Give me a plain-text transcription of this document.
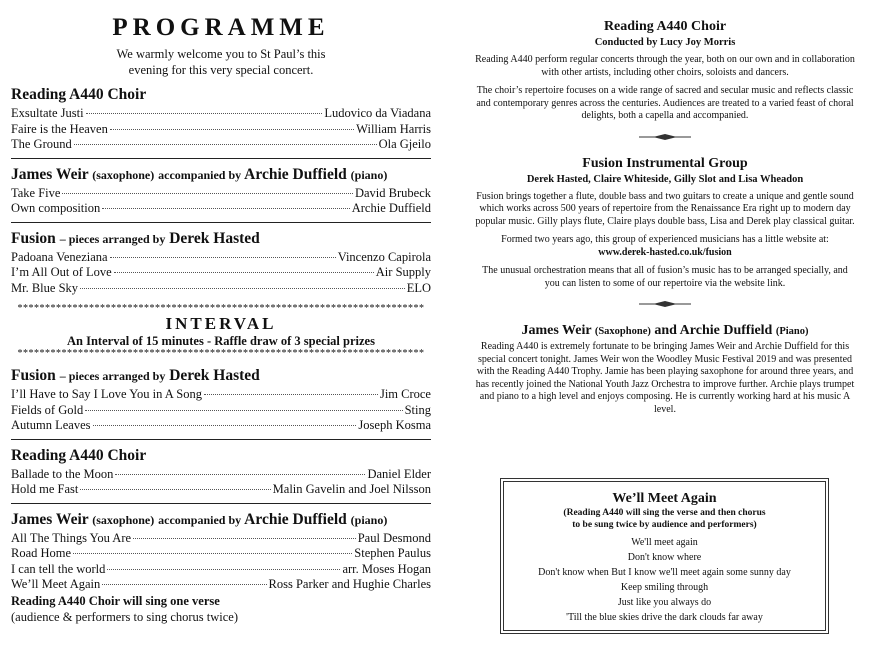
PROGRAMME
We warmly welcome you to St Paul’s this
evening for this very special concert.
Reading A440 Choir
Exsultate Justi	Ludovico da Viadana
Faire is the Heaven	William Harris
The Ground	Ola Gjeilo
James Weir (saxophone) accompanied by Archie Duffield (piano)
Take Five	David Brubeck
Own composition	Archie Duffield
Fusion – pieces arranged by Derek Hasted
Padoana Veneziana	Vincenzo Capirola
I’m All Out of Love	Air Supply
Mr. Blue Sky	ELO
**************************************************************************
INTERVAL
An Interval of 15 minutes - Raffle draw of 3 special prizes
**************************************************************************
Fusion – pieces arranged by Derek Hasted
I’ll Have to Say I Love You in A Song	Jim Croce
Fields of Gold	Sting
Autumn Leaves	Joseph Kosma
Reading A440 Choir
Ballade to the Moon	Daniel Elder
Hold me Fast	Malin Gavelin and Joel Nilsson
James Weir (saxophone) accompanied by Archie Duffield (piano)
All The Things You Are	Paul Desmond
Road Home	Stephen Paulus
I can tell the world	arr. Moses Hogan
We’ll Meet Again	Ross Parker and Hughie Charles
Reading A440 Choir will sing one verse
(audience & performers to sing chorus twice)
Reading A440 Choir
Conducted by Lucy Joy Morris

Reading A440 perform regular concerts through the year, both on our own and in collaboration with other artists, including other choirs, soloists and dancers.

The choir’s repertoire focuses on a wide range of sacred and secular music and reflects classic and contemporary genres across the centuries. Audiences are treated to a varied feast of choral delights, both a capella and accompanied.

Fusion Instrumental Group
Derek Hasted, Claire Whiteside, Gilly Slot and Lisa Wheadon

Fusion brings together a flute, double bass and two guitars to create a unique and gentle sound which works across 500 years of repertoire from the Renaissance Era right up to modern day popular music. Gilly plays flute, Claire plays double bass, Lisa and Derek play classical guitar.

Formed two years ago, this group of experienced musicians has a little website at:

www.derek-hasted.co.uk/fusion

The unusual orchestration means that all of fusion’s music has to be arranged specially, and you can listen to some of our repertoire via the website link.

James Weir (Saxophone) and Archie Duffield (Piano)

Reading A440 is extremely fortunate to be bringing James Weir and Archie Duffield for this special concert tonight. James Weir won the Woodley Music Festival 2019 and was presented with the Reading A440 Trophy. Jamie has been playing saxophone for around three years, and has recently joined the National Youth Jazz Orchestra to improve further. Archie plays trumpet and piano to a high level and enjoys composing. He is currently working hard at his music A level.

We’ll Meet Again
(Reading A440 will sing the verse and then chorus
to be sung twice by audience and performers)
We'll meet again
Don't know where
Don't know when But I know we'll meet again some sunny day
Keep smiling through
Just like you always do
'Till the blue skies drive the dark clouds far away
